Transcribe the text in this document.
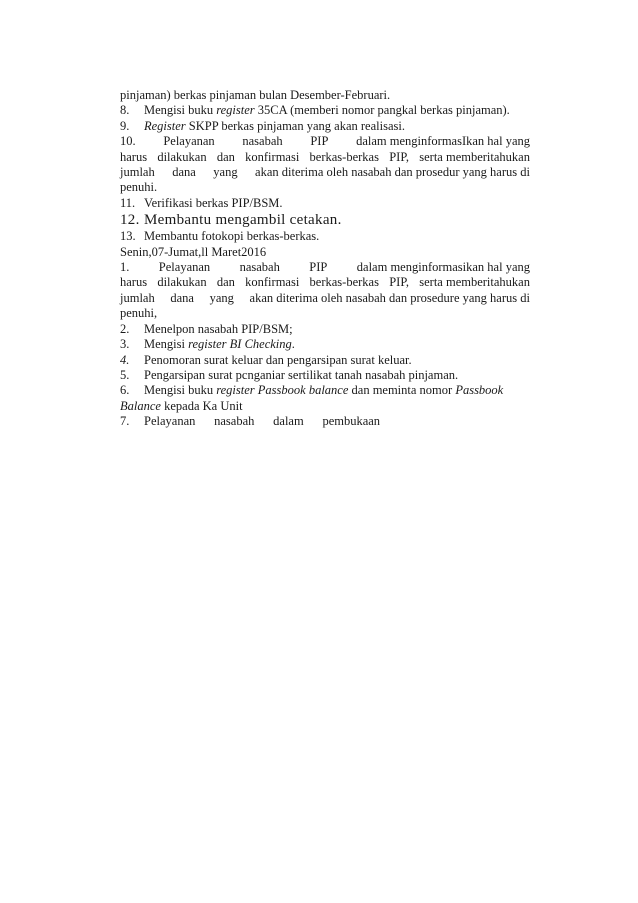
pinjaman) berkas pinjaman bulan Desember-Februari.
8. Mengisi buku register 35CA (memberi nomor pangkal berkas pinjaman).
9. Register SKPP berkas pinjaman yang akan realisasi.
10. Pelayanan nasabah PIP dalam menginformasIkan hal yang
harus dilakukan dan konfirmasi berkas-berkas PIP, serta memberitahukan
jumlah dana yang akan diterima oleh nasabah dan prosedur yang harus di
penuhi.
11. Verifikasi berkas PIP/BSM.
12. Membantu mengambil cetakan.
13. Membantu fotokopi berkas-berkas.
Senin,07-Jumat,ll Maret2016
1. Pelayanan nasabah PIP dalam menginformasikan hal yang
harus dilakukan dan konfirmasi berkas-berkas PIP, serta memberitahukan
jumlah dana yang akan diterima oleh nasabah dan prosedure yang harus di
penuhi,
2. Menelpon nasabah PIP/BSM;
3. Mengisi register BI Checking.
4. Penomoran surat keluar dan pengarsipan surat keluar.
5. Pengarsipan surat pcnganiar sertilikat tanah nasabah pinjaman.
6. Mengisi buku register Passbook balance dan meminta nomor Passbook
Balance kepada Ka Unit
7. Pelayanan nasabah dalam pembukaan
